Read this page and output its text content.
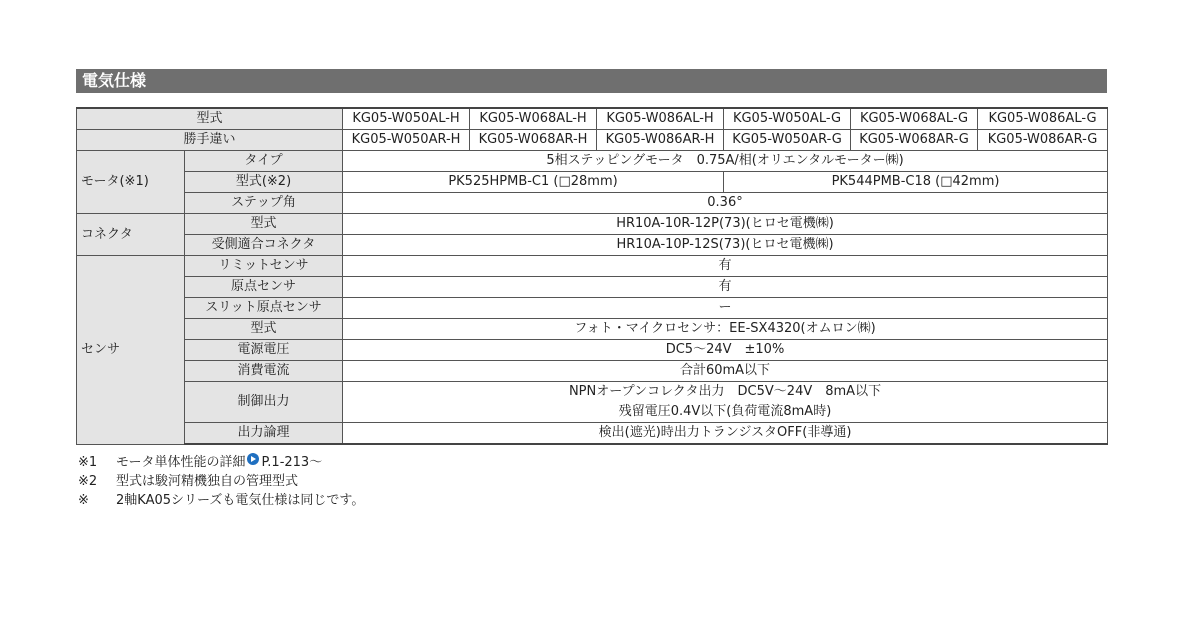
電気仕様
型式		KG05-W050AL-H	KG05-W068AL-H	KG05-W086AL-H	KG05-W050AL-G	KG05-W068AL-G	KG05-W086AL-G
勝手違い		KG05-W050AR-H	KG05-W068AR-H	KG05-W086AR-H	KG05-W050AR-G	KG05-W068AR-G	KG05-W086AR-G
モータ(※1)	タイプ	5相ステッピングモータ　0.75A/相(オリエンタルモーター㈱)					
	型式(※2)	PK525HPMB-C1 (□28mm)			PK544PMB-C18 (□42mm)		
	ステップ角	0.36°					
コネクタ	型式	HR10A-10R-12P(73)(ヒロセ電機㈱)					
	受側適合コネクタ	HR10A-10P-12S(73)(ヒロセ電機㈱)					
センサ	リミットセンサ	有					
	原点センサ	有					
	スリット原点センサ	ー					
	型式	フォト・マイクロセンサ：EE-SX4320(オムロン㈱)					
	電源電圧	DC5～24V　±10%					
	消費電流	合計60mA以下					
	制御出力	NPNオープンコレクタ出力　DC5V～24V　8mA以下
残留電圧0.4V以下(負荷電流8mA時)					

	出力論理	検出(遮光)時出力トランジスタOFF(非導通)					
※1	モータ単体性能の詳細 P.1-213～
※2	型式は駿河精機独自の管理型式
※	2軸KA05シリーズも電気仕様は同じです。
